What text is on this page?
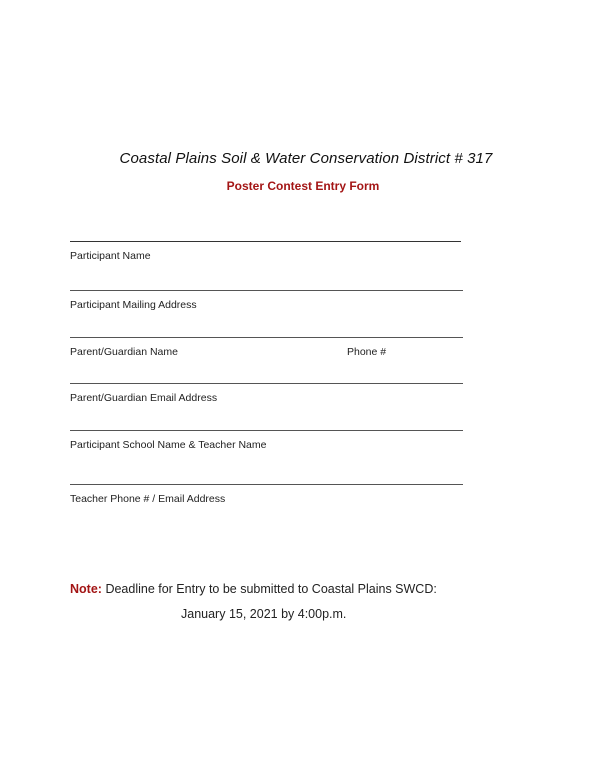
Coastal Plains Soil & Water Conservation District # 317
Poster Contest Entry Form
Participant Name
Participant Mailing Address
Parent/Guardian Name	Phone #
Parent/Guardian Email Address
Participant School Name & Teacher Name
Teacher Phone # / Email Address
Note: Deadline for Entry to be submitted to Coastal Plains SWCD:
January 15, 2021 by 4:00p.m.
